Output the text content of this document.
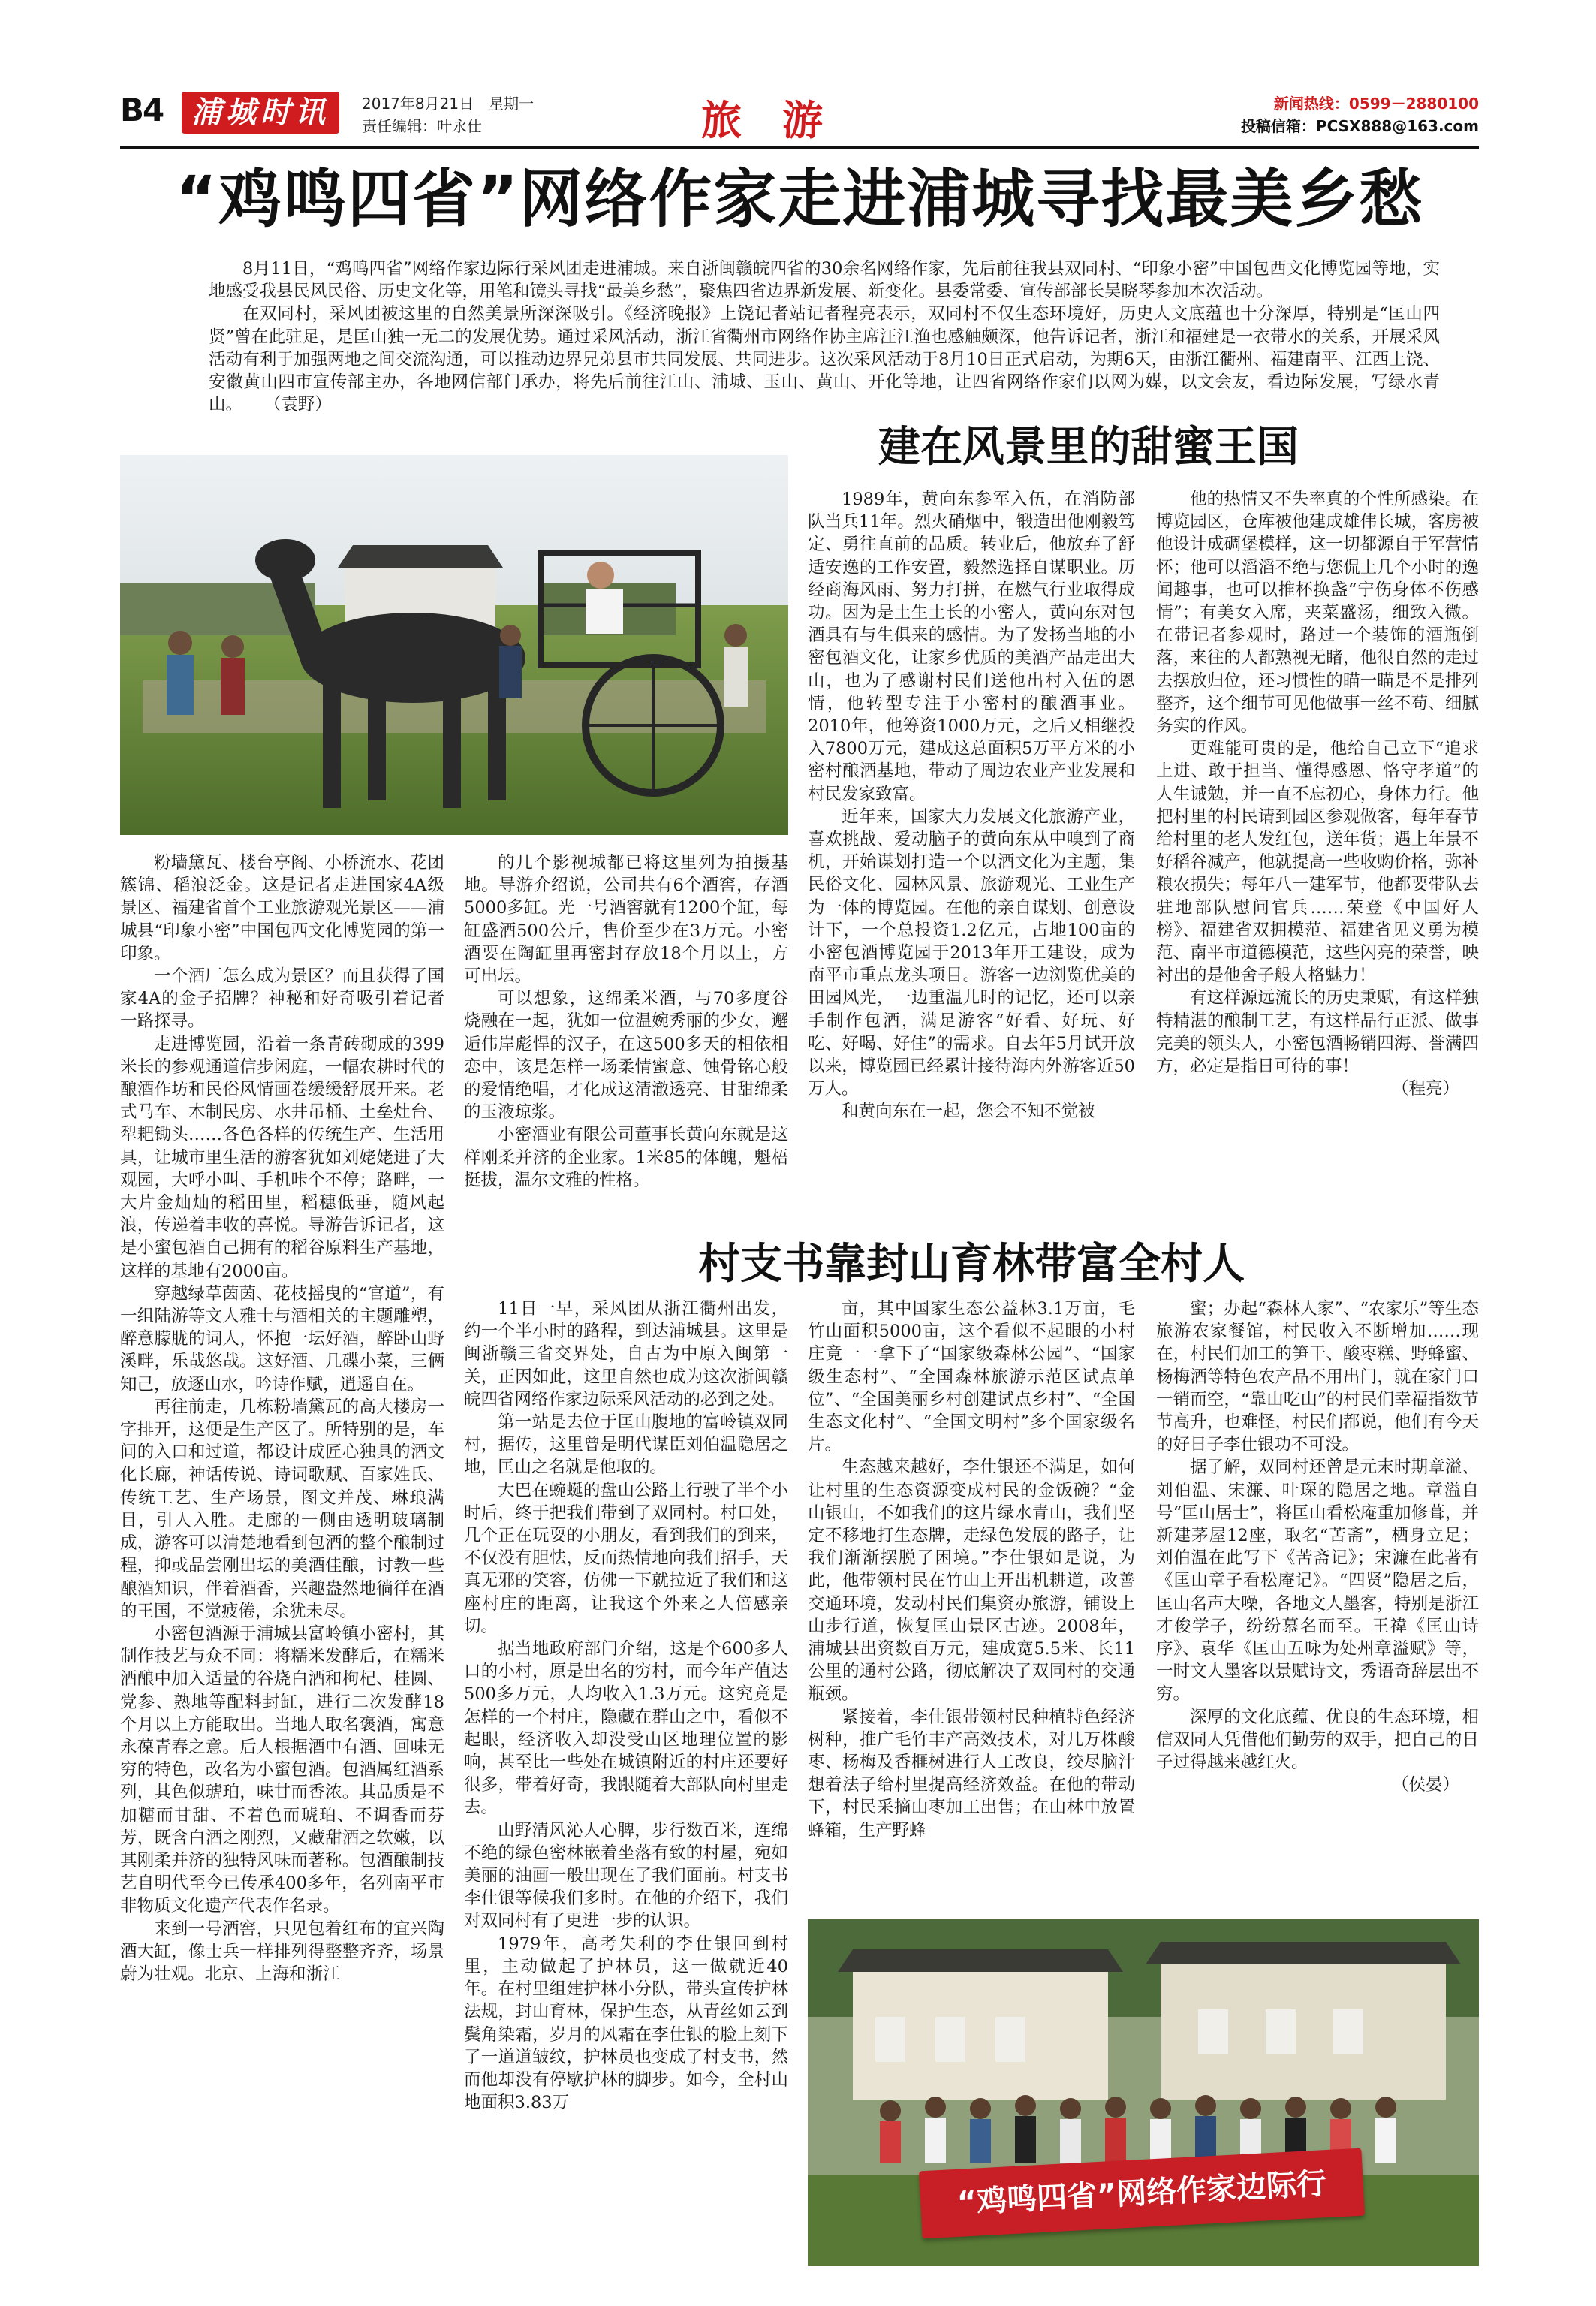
B4 浦城时讯	2017年8月21日　星期一
责任编辑：叶永仕	旅　游	新闻热线：0599－2880100
投稿信箱：PCSX888@163.com
“鸡鸣四省”网络作家走进浦城寻找最美乡愁

8月11日，“鸡鸣四省”网络作家边际行采风团走进浦城。来自浙闽赣皖四省的30余名网络作家，先后前往我县双同村、“印象小密”中国包西文化博览园等地，实地感受我县民风民俗、历史文化等，用笔和镜头寻找“最美乡愁”，聚焦四省边界新发展、新变化。县委常委、宣传部部长吴晓琴参加本次活动。

在双同村，采风团被这里的自然美景所深深吸引。《经济晚报》上饶记者站记者程亮表示，双同村不仅生态环境好，历史人文底蕴也十分深厚，特别是“匡山四贤”曾在此驻足，是匡山独一无二的发展优势。通过采风活动，浙江省衢州市网络作协主席汪江渔也感触颇深，他告诉记者，浙江和福建是一衣带水的关系，开展采风活动有利于加强两地之间交流沟通，可以推动边界兄弟县市共同发展、共同进步。这次采风活动于8月10日正式启动，为期6天，由浙江衢州、福建南平、江西上饶、安徽黄山四市宣传部主办，各地网信部门承办，将先后前往江山、浦城、玉山、黄山、开化等地，让四省网络作家们以网为媒，以文会友，看边际发展，写绿水青山。 （袁野）

建在风景里的甜蜜王国

粉墙黛瓦、楼台亭阁、小桥流水、花团簇锦、稻浪泛金。这是记者走进国家4A级景区、福建省首个工业旅游观光景区——浦城县“印象小密”中国包西文化博览园的第一印象。

一个酒厂怎么成为景区？而且获得了国家4A的金子招牌？神秘和好奇吸引着记者一路探寻。

走进博览园，沿着一条青砖砌成的399米长的参观通道信步闲庭，一幅农耕时代的酿酒作坊和民俗风情画卷缓缓舒展开来。老式马车、木制民房、水井吊桶、土垒灶台、犁耙锄头……各色各样的传统生产、生活用具，让城市里生活的游客犹如刘姥姥进了大观园，大呼小叫、手机咔个不停；路畔，一大片金灿灿的稻田里，稻穗低垂，随风起浪，传递着丰收的喜悦。导游告诉记者，这是小蜜包酒自己拥有的稻谷原料生产基地，这样的基地有2000亩。

穿越绿草茵茵、花枝摇曳的“官道”，有一组陆游等文人雅士与酒相关的主题雕塑，醉意朦胧的词人，怀抱一坛好酒，醉卧山野溪畔，乐哉悠哉。这好酒、几碟小菜，三俩知己，放逐山水，吟诗作赋，逍遥自在。

再往前走，几栋粉墙黛瓦的高大楼房一字排开，这便是生产区了。所特别的是，车间的入口和过道，都设计成匠心独具的酒文化长廊，神话传说、诗词歌赋、百家姓氏、传统工艺、生产场景，图文并茂、琳琅满目，引人入胜。走廊的一侧由透明玻璃制成，游客可以清楚地看到包酒的整个酿制过程，抑或品尝刚出坛的美酒佳酿，讨教一些酿酒知识，伴着酒香，兴趣盎然地徜徉在酒的王国，不觉疲倦，余犹未尽。

小密包酒源于浦城县富岭镇小密村，其制作技艺与众不同：将糯米发酵后，在糯米酒酿中加入适量的谷烧白酒和枸杞、桂圆、党参、熟地等配料封缸，进行二次发酵18个月以上方能取出。当地人取名褒酒，寓意永葆青春之意。后人根据酒中有酒、回味无穷的特色，改名为小蜜包酒。包酒属红酒系列，其色似琥珀，味甘而香浓。其品质是不加糖而甘甜、不着色而琥珀、不调香而芬芳，既含白酒之刚烈，又藏甜酒之软嫩，以其刚柔并济的独特风味而著称。包酒酿制技艺自明代至今已传承400多年，名列南平市非物质文化遗产代表作名录。

来到一号酒窖，只见包着红布的宜兴陶酒大缸，像士兵一样排列得整整齐齐，场景蔚为壮观。北京、上海和浙江

的几个影视城都已将这里列为拍摄基地。导游介绍说，公司共有6个酒窖，存酒5000多缸。光一号酒窖就有1200个缸，每缸盛酒500公斤，售价至少在3万元。小密酒要在陶缸里再密封存放18个月以上，方可出坛。

可以想象，这绵柔米酒，与70多度谷烧融在一起，犹如一位温婉秀丽的少女，邂逅伟岸彪悍的汉子，在这500多天的相依相恋中，该是怎样一场柔情蜜意、蚀骨铭心般的爱情绝唱，才化成这清澈透亮、甘甜绵柔的玉液琼浆。

小密酒业有限公司董事长黄向东就是这样刚柔并济的企业家。1米85的体魄，魁梧挺拔，温尔文雅的性格。

1989年，黄向东参军入伍，在消防部队当兵11年。烈火硝烟中，锻造出他刚毅笃定、勇往直前的品质。转业后，他放弃了舒适安逸的工作安置，毅然选择自谋职业。历经商海风雨、努力打拼，在燃气行业取得成功。因为是土生土长的小密人，黄向东对包酒具有与生俱来的感情。为了发扬当地的小密包酒文化，让家乡优质的美酒产品走出大山，也为了感谢村民们送他出村入伍的恩情，他转型专注于小密村的酿酒事业。2010年，他筹资1000万元，之后又相继投入7800万元，建成这总面积5万平方米的小密村酿酒基地，带动了周边农业产业发展和村民发家致富。

近年来，国家大力发展文化旅游产业，喜欢挑战、爱动脑子的黄向东从中嗅到了商机，开始谋划打造一个以酒文化为主题，集民俗文化、园林风景、旅游观光、工业生产为一体的博览园。在他的亲自谋划、创意设计下，一个总投资1.2亿元，占地100亩的小密包酒博览园于2013年开工建设，成为南平市重点龙头项目。游客一边浏览优美的田园风光，一边重温儿时的记忆，还可以亲手制作包酒，满足游客“好看、好玩、好吃、好喝、好住”的需求。自去年5月试开放以来，博览园已经累计接待海内外游客近50万人。

和黄向东在一起，您会不知不觉被

他的热情又不失率真的个性所感染。在博览园区，仓库被他建成雄伟长城，客房被他设计成碉堡模样，这一切都源自于军营情怀；他可以滔滔不绝与您侃上几个小时的逸闻趣事，也可以推杯换盏“宁伤身体不伤感情”；有美女入席，夹菜盛汤，细致入微。在带记者参观时，路过一个装饰的酒瓶倒落，来往的人都熟视无睹，他很自然的走过去摆放归位，还习惯性的瞄一瞄是不是排列整齐，这个细节可见他做事一丝不苟、细腻务实的作风。

更难能可贵的是，他给自己立下“追求上进、敢于担当、懂得感恩、恪守孝道”的人生诫勉，并一直不忘初心，身体力行。他把村里的村民请到园区参观做客，每年春节给村里的老人发红包，送年货；遇上年景不好稻谷减产，他就提高一些收购价格，弥补粮农损失；每年八一建军节，他都要带队去驻地部队慰问官兵……荣登《中国好人榜》、福建省双拥模范、福建省见义勇为模范、南平市道德模范，这些闪亮的荣誉，映衬出的是他舍子般人格魅力！

有这样源远流长的历史秉赋，有这样独特精湛的酿制工艺，有这样品行正派、做事完美的领头人，小密包酒畅销四海、誉满四方，必定是指日可待的事！

（程亮）

村支书靠封山育林带富全村人

11日一早，采风团从浙江衢州出发，约一个半小时的路程，到达浦城县。这里是闽浙赣三省交界处，自古为中原入闽第一关，正因如此，这里自然也成为这次浙闽赣皖四省网络作家边际采风活动的必到之处。

第一站是去位于匡山腹地的富岭镇双同村，据传，这里曾是明代谋臣刘伯温隐居之地，匡山之名就是他取的。

大巴在蜿蜒的盘山公路上行驶了半个小时后，终于把我们带到了双同村。村口处，几个正在玩耍的小朋友，看到我们的到来，不仅没有胆怯，反而热情地向我们招手，天真无邪的笑容，仿佛一下就拉近了我们和这座村庄的距离，让我这个外来之人倍感亲切。

据当地政府部门介绍，这是个600多人口的小村，原是出名的穷村，而今年产值达500多万元，人均收入1.3万元。这究竟是怎样的一个村庄，隐藏在群山之中，看似不起眼，经济收入却没受山区地理位置的影响，甚至比一些处在城镇附近的村庄还要好很多，带着好奇，我跟随着大部队向村里走去。

山野清风沁人心脾，步行数百米，连绵不绝的绿色密林嵌着坐落有致的村屋，宛如美丽的油画一般出现在了我们面前。村支书李仕银等候我们多时。在他的介绍下，我们对双同村有了更进一步的认识。

1979年，高考失利的李仕银回到村里，主动做起了护林员，这一做就近40年。在村里组建护林小分队，带头宣传护林法规，封山育林，保护生态，从青丝如云到鬓角染霜，岁月的风霜在李仕银的脸上刻下了一道道皱纹，护林员也变成了村支书，然而他却没有停歇护林的脚步。如今，全村山地面积3.83万

亩，其中国家生态公益林3.1万亩，毛竹山面积5000亩，这个看似不起眼的小村庄竟一一拿下了“国家级森林公园”、“国家级生态村”、“全国森林旅游示范区试点单位”、“全国美丽乡村创建试点乡村”、“全国生态文化村”、“全国文明村”多个国家级名片。

生态越来越好，李仕银还不满足，如何让村里的生态资源变成村民的金饭碗？“金山银山，不如我们的这片绿水青山，我们坚定不移地打生态牌，走绿色发展的路子，让我们渐渐摆脱了困境。”李仕银如是说，为此，他带领村民在竹山上开出机耕道，改善交通环境，发动村民们集资办旅游，铺设上山步行道，恢复匡山景区古迹。2008年，浦城县出资数百万元，建成宽5.5米、长11公里的通村公路，彻底解决了双同村的交通瓶颈。

紧接着，李仕银带领村民种植特色经济树种，推广毛竹丰产高效技术，对几万株酸枣、杨梅及香榧树进行人工改良，绞尽脑汁想着法子给村里提高经济效益。在他的带动下，村民采摘山枣加工出售；在山林中放置蜂箱，生产野蜂

蜜；办起“森林人家”、“农家乐”等生态旅游农家餐馆，村民收入不断增加……现在，村民们加工的笋干、酸枣糕、野蜂蜜、杨梅酒等特色农产品不用出门，就在家门口一销而空，“靠山吃山”的村民们幸福指数节节高升，也难怪，村民们都说，他们有今天的好日子李仕银功不可没。

据了解，双同村还曾是元末时期章溢、刘伯温、宋濂、叶琛的隐居之地。章溢自号“匡山居士”，将匡山看松庵重加修葺，并新建茅屋12座，取名“苦斋”，栖身立足；刘伯温在此写下《苦斋记》；宋濂在此著有《匡山章子看松庵记》。“四贤”隐居之后，匡山名声大噪，各地文人墨客，特别是浙江才俊学子，纷纷慕名而至。王禕《匡山诗序》、袁华《匡山五咏为处州章溢赋》等，一时文人墨客以景赋诗文，秀语奇辞层出不穷。

深厚的文化底蕴、优良的生态环境，相信双同人凭借他们勤劳的双手，把自己的日子过得越来越红火。

（侯晏）

“鸡鸣四省”网络作家边际行
